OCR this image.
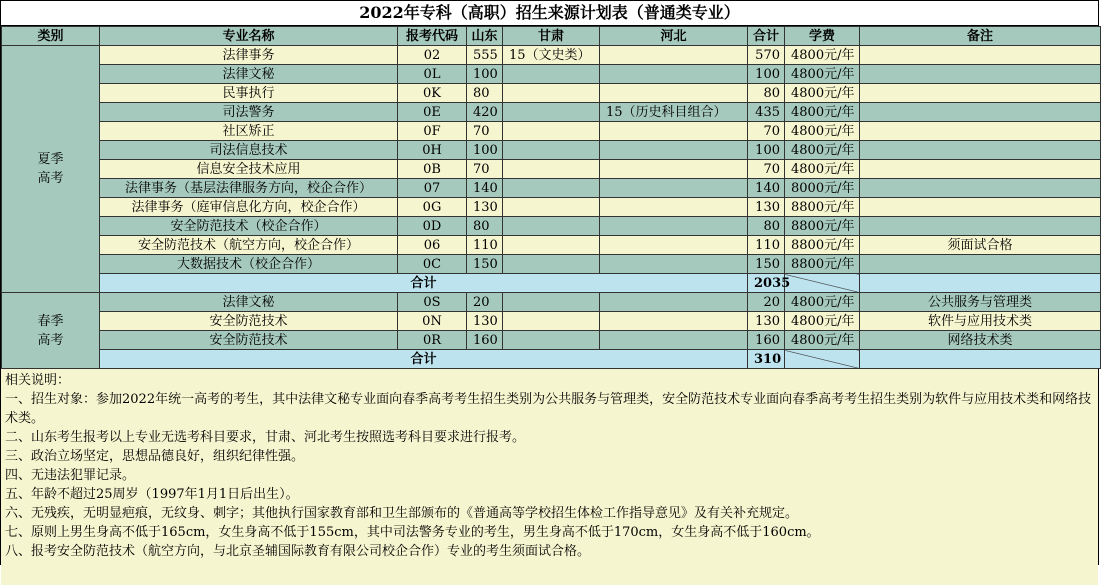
2022年专科（高职）招生来源计划表（普通类专业）
类别	专业名称	报考代码	山东	甘肃	河北	合计	学费	备注
夏季
高考	法律事务	02	555	15（文史类）		570	4800元/年	
	法律文秘	0L	100			100	4800元/年	
	民事执行	0K	80			80	4800元/年	
	司法警务	0E	420		15（历史科目组合）	435	4800元/年	
	社区矫正	0F	70			70	4800元/年	
	司法信息技术	0H	100			100	4800元/年	
	信息安全技术应用	0B	70			70	4800元/年	
	法律事务（基层法律服务方向，校企合作）	07	140			140	8000元/年	
	法律事务（庭审信息化方向，校企合作）	0G	130			130	8800元/年	
	安全防范技术（校企合作）	0D	80			80	8800元/年	
	安全防范技术（航空方向，校企合作）	06	110			110	8800元/年	须面试合格
	大数据技术（校企合作）	0C	150			150	8800元/年	
	合计					2035		
春季
高考	法律文秘	0S	20			20	4800元/年	公共服务与管理类
	安全防范技术	0N	130			130	4800元/年	软件与应用技术类
	安全防范技术	0R	160			160	4800元/年	网络技术类
	合计					310		
相关说明：
一、招生对象：参加2022年统一高考的考生，其中法律文秘专业面向春季高考考生招生类别为公共服务与管理类，安全防范技术专业面向春季高考考生招生类别为软件与应用技术类和网络技术类。
二、山东考生报考以上专业无选考科目要求，甘肃、河北考生按照选考科目要求进行报考。
三、政治立场坚定，思想品德良好，组织纪律性强。
四、无违法犯罪记录。
五、年龄不超过25周岁（1997年1月1日后出生）。
六、无残疾，无明显疤痕，无纹身、刺字；其他执行国家教育部和卫生部颁布的《普通高等学校招生体检工作指导意见》及有关补充规定。
七、原则上男生身高不低于165cm，女生身高不低于155cm，其中司法警务专业的考生，男生身高不低于170cm，女生身高不低于160cm。
八、报考安全防范技术（航空方向，与北京圣辅国际教育有限公司校企合作）专业的考生须面试合格。
